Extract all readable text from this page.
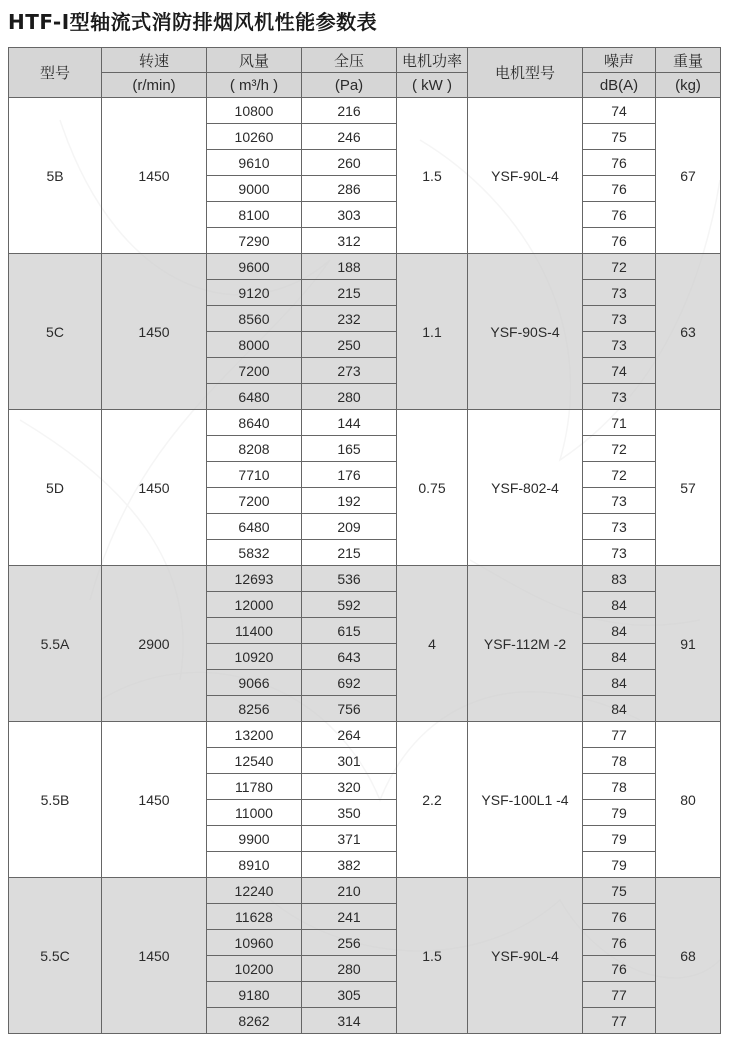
HTF-I型轴流式消防排烟风机性能参数表
型号	转速	风量	全压	电机功率	电机型号	噪声	重量
	(r/min)	( m³/h )	(Pa)	( kW )		dB(A)	(kg)
5B	1450	10800	216	1.5	YSF-90L-4	74	67
		10260	246			75	
		9610	260			76	
		9000	286			76	
		8100	303			76	
		7290	312			76	
5C	1450	9600	188	1.1	YSF-90S-4	72	63
		9120	215			73	
		8560	232			73	
		8000	250			73	
		7200	273			74	
		6480	280			73	
5D	1450	8640	144	0.75	YSF-802-4	71	57
		8208	165			72	
		7710	176			72	
		7200	192			73	
		6480	209			73	
		5832	215			73	
5.5A	2900	12693	536	4	YSF-112M -2	83	91
		12000	592			84	
		11400	615			84	
		10920	643			84	
		9066	692			84	
		8256	756			84	
5.5B	1450	13200	264	2.2	YSF-100L1 -4	77	80
		12540	301			78	
		11780	320			78	
		11000	350			79	
		9900	371			79	
		8910	382			79	
5.5C	1450	12240	210	1.5	YSF-90L-4	75	68
		11628	241			76	
		10960	256			76	
		10200	280			76	
		9180	305			77	
		8262	314			77	
